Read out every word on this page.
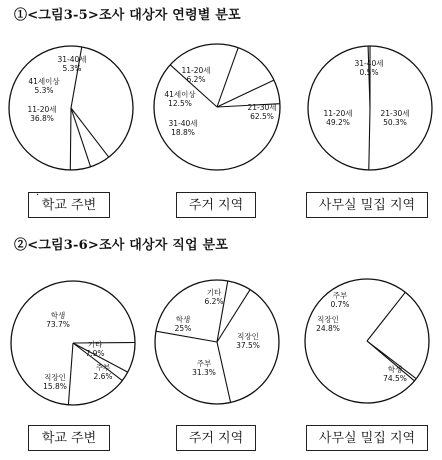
①<그림3-5>조사 대상자 연령별 분포
②<그림3-6>조사 대상자 직업 분포
11-20세
36.8%
41세이상
5.3%
31-40세
5.3%
21-30세
62.5%
31-40세
18.8%
41세이상
12.5%
11-20세
6.2%
21-30세
50.3%
11-20세
49.2%
31-40세
0.5%
주부
2.6%
직장인
15.8%
학생
73.7%
기타
7.9%
기타
6.2%
직장인
37.5%
주부
31.3%
학생
25%
학생
74.5%
직장인
24.8%
주부
0.7%
학교 주변	주거 지역	사무실 밀집 지역
학교 주변	주거 지역	사무실 밀집 지역
·
